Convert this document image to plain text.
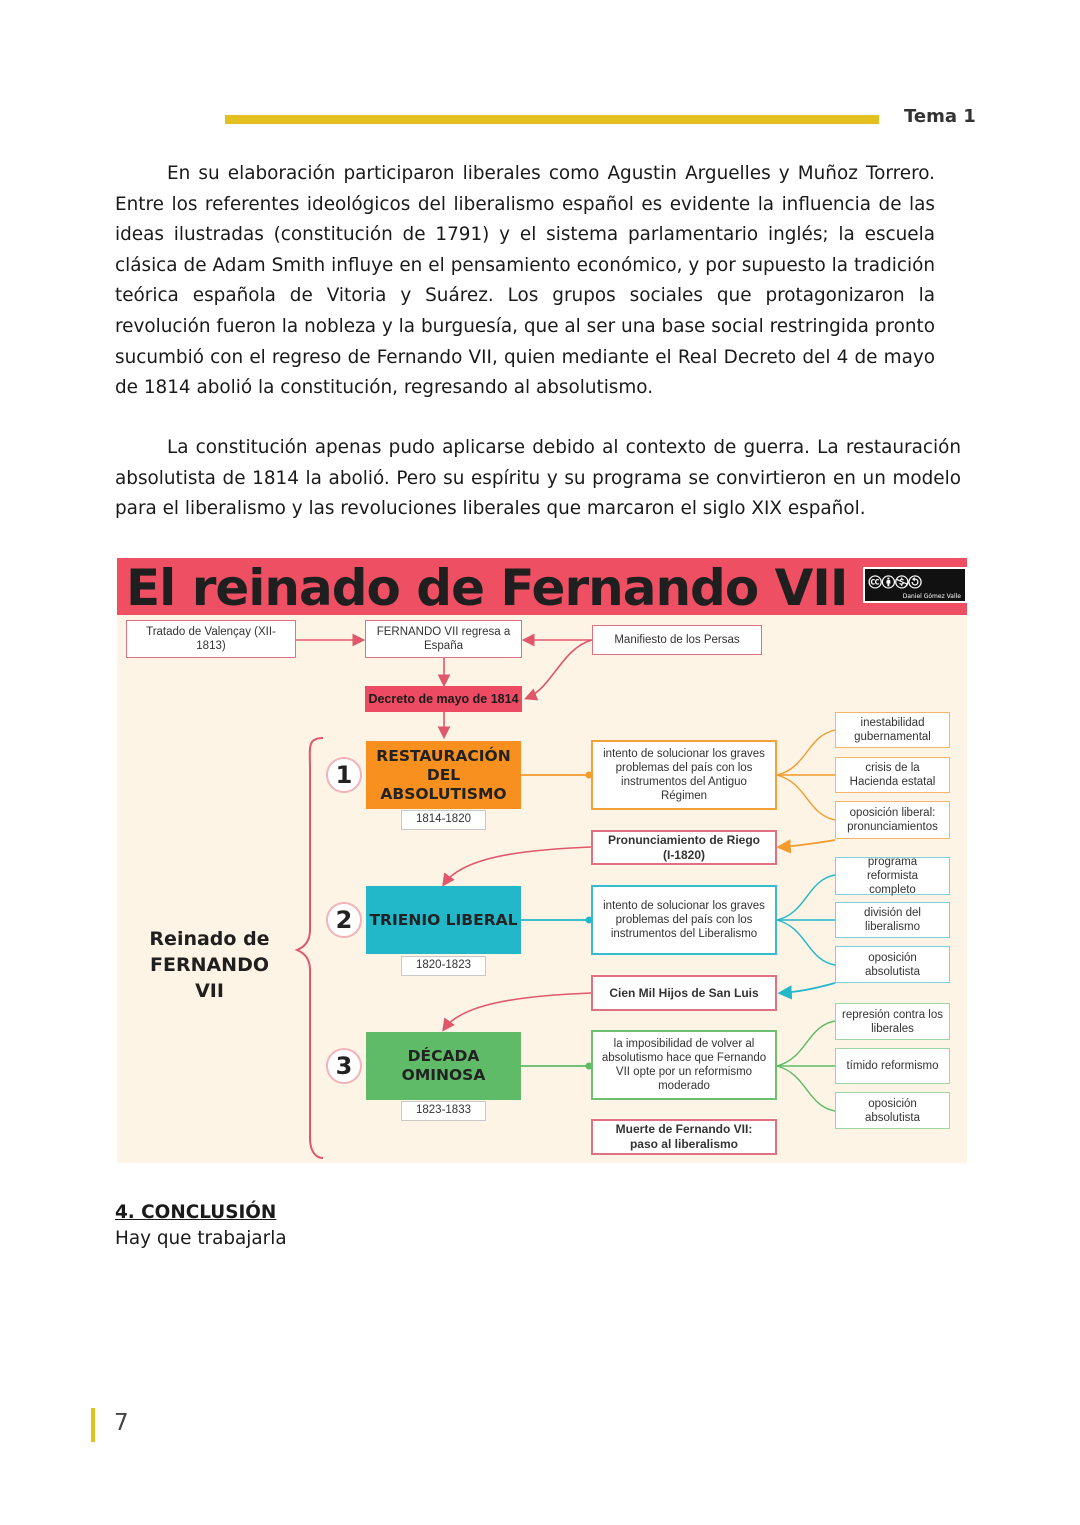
Tema 1

En su elaboración participaron liberales como Agustin Arguelles y Muñoz Torrero. Entre los referentes ideológicos del liberalismo español es evidente la influencia de las ideas ilustradas (constitución de 1791) y el sistema parlamentario inglés; la escuela clásica de Adam Smith influye en el pensamiento económico, y por supuesto la tradición teórica española de Vitoria y Suárez. Los grupos sociales que protagonizaron la revolución fueron la nobleza y la burguesía, que al ser una base social restringida pronto sucumbió con el regreso de Fernando VII, quien mediante el Real Decreto del 4 de mayo de 1814 abolió la constitución, regresando al absolutismo.

La constitución apenas pudo aplicarse debido al contexto de guerra. La restauración absolutista de 1814 la abolió. Pero su espíritu y su programa se convirtieron en un modelo para el liberalismo y las revoluciones liberales que marcaron el siglo XIX español.

El reinado de Fernando VII 🅭🅯🄏🄎
Daniel Gómez Valle
Tratado de Valençay (XII-1813)
FERNANDO VII regresa a España	Manifiesto de los Persas
Decreto de mayo de 1814
Reinado de
FERNANDO VII
1
RESTAURACIÓN DEL ABSOLUTISMO
1814-1820
intento de solucionar los graves problemas del país con los instrumentos del Antiguo Régimen
inestabilidad gubernamental
crisis de la Hacienda estatal
oposición liberal: pronunciamientos
Pronunciamiento de Riego (I-1820)
2	TRIENIO LIBERAL
1820-1823
intento de solucionar los graves problemas del país con los instrumentos del Liberalismo
programa reformista completo
división del liberalismo
oposición absolutista
Cien Mil Hijos de San Luis
3	DÉCADA OMINOSA
1823-1833
la imposibilidad de volver al absolutismo hace que Fernando VII opte por un reformismo moderado
represión contra los liberales
tímido reformismo
oposición absolutista
Muerte de Fernando VII: paso al liberalismo
4. CONCLUSIÓN
Hay que trabajarla
7
